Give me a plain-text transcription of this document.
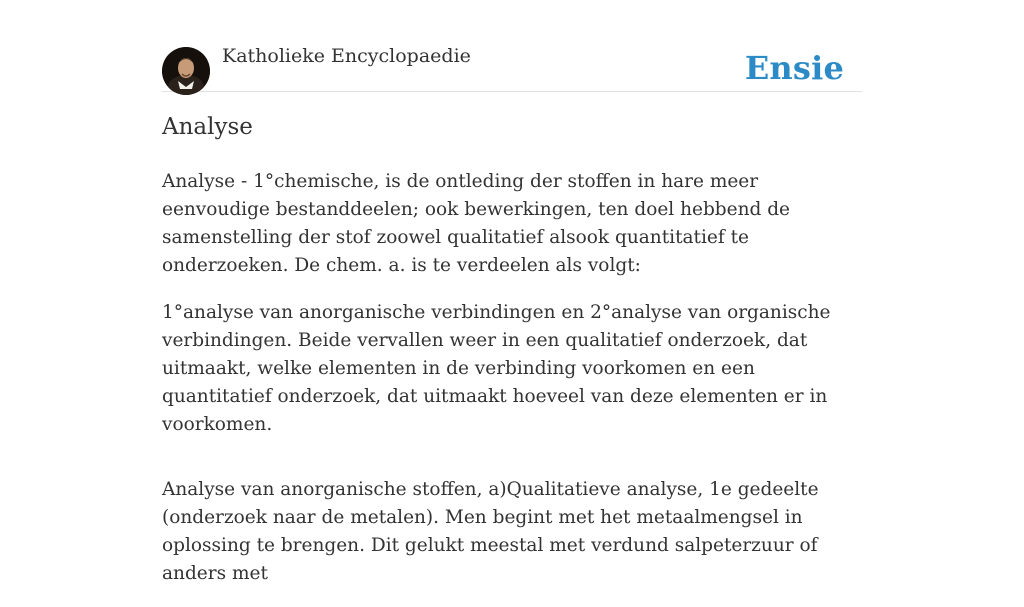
Katholieke Encyclopaedie	Ensie
Analyse

Analyse - 1°chemische, is de ontleding der stoffen in hare meer eenvoudige bestanddeelen; ook bewerkingen, ten doel hebbend de samenstelling der stof zoowel qualitatief alsook quantitatief te onderzoeken. De chem. a. is te verdeelen als volgt:

1°analyse van anorganische verbindingen en 2°analyse van organische verbindingen. Beide vervallen weer in een qualitatief onderzoek, dat uitmaakt, welke elementen in de verbinding voorkomen en een quantitatief onderzoek, dat uitmaakt hoeveel van deze elementen er in voorkomen.

Analyse van anorganische stoffen, a)Qualitatieve analyse, 1e gedeelte (onderzoek naar de metalen). Men begint met het metaalmengsel in oplossing te brengen. Dit gelukt meestal met verdund salpeterzuur of anders met
